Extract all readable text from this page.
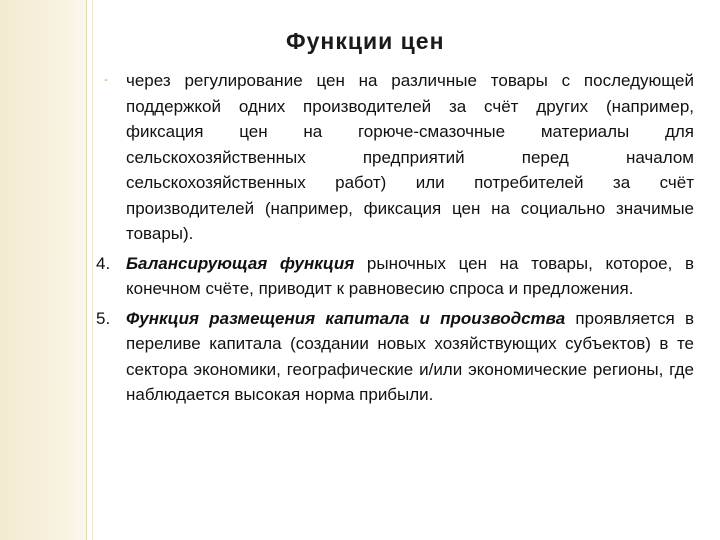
Функции цен
-	через регулирование цен на различные товары с последующей поддержкой одних производителей за счёт других (например, фиксация цен на горюче-смазочные материалы для сельскохозяйственных предприятий перед началом сельскохозяйственных работ) или потребителей за счёт производителей (например, фиксация цен на социально значимые товары).
4. Балансирующая функция рыночных цен на товары, которое, в конечном счёте, приводит к равновесию спроса и предложения.
5. Функция размещения капитала и производства проявляется в переливе капитала (создании новых хозяйствующих субъектов) в те сектора экономики, географические и/или экономические регионы, где наблюдается высокая норма прибыли.
